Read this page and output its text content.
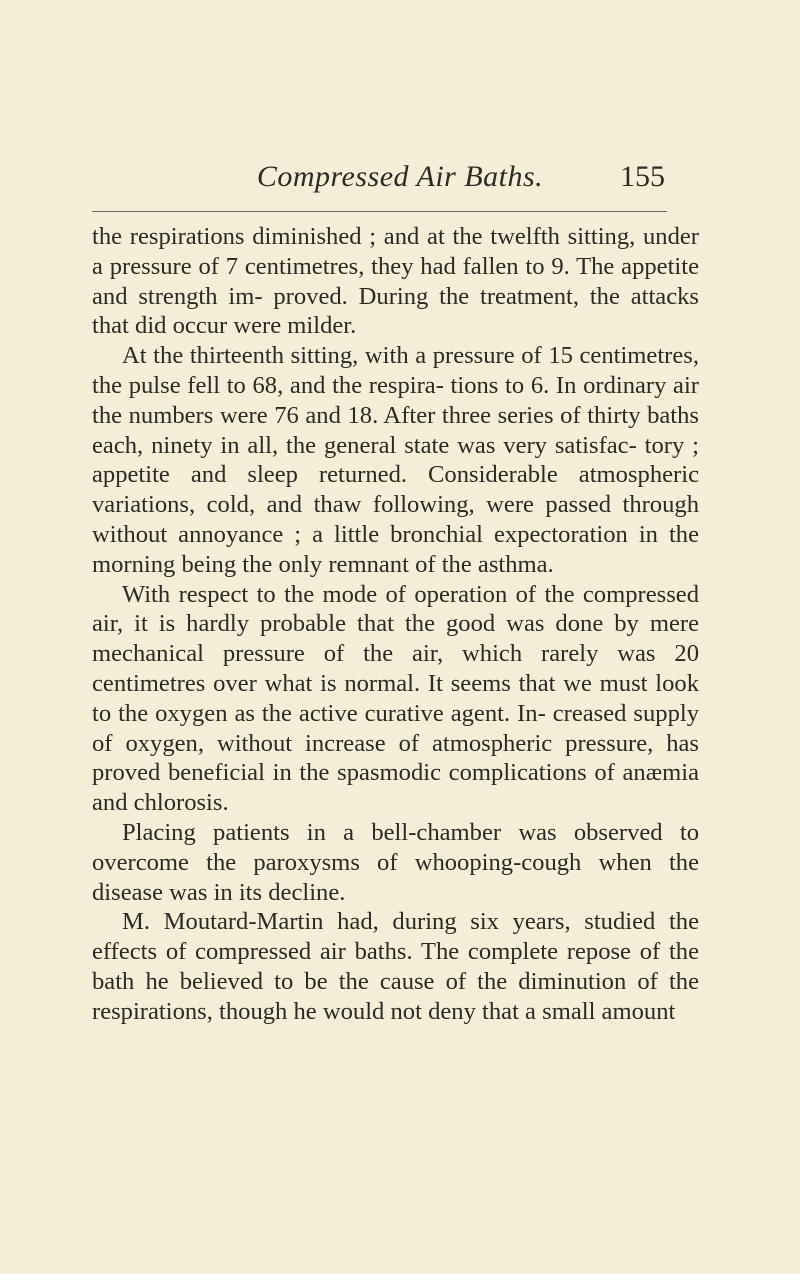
Compressed Air Baths.	155

the respirations diminished ; and at the twelfth sitting, under a pressure of 7 centimetres, they had fallen to 9. The appetite and strength im- proved. During the treatment, the attacks that did occur were milder.

At the thirteenth sitting, with a pressure of 15 centimetres, the pulse fell to 68, and the respira- tions to 6. In ordinary air the numbers were 76 and 18. After three series of thirty baths each, ninety in all, the general state was very satisfac- tory ; appetite and sleep returned. Considerable atmospheric variations, cold, and thaw following, were passed through without annoyance ; a little bronchial expectoration in the morning being the only remnant of the asthma.

With respect to the mode of operation of the compressed air, it is hardly probable that the good was done by mere mechanical pressure of the air, which rarely was 20 centimetres over what is normal. It seems that we must look to the oxygen as the active curative agent. In- creased supply of oxygen, without increase of atmospheric pressure, has proved beneficial in the spasmodic complications of anæmia and chlorosis.

Placing patients in a bell-chamber was observed to overcome the paroxysms of whooping-cough when the disease was in its decline.

M. Moutard-Martin had, during six years, studied the effects of compressed air baths. The complete repose of the bath he believed to be the cause of the diminution of the respirations, though he would not deny that a small amount
